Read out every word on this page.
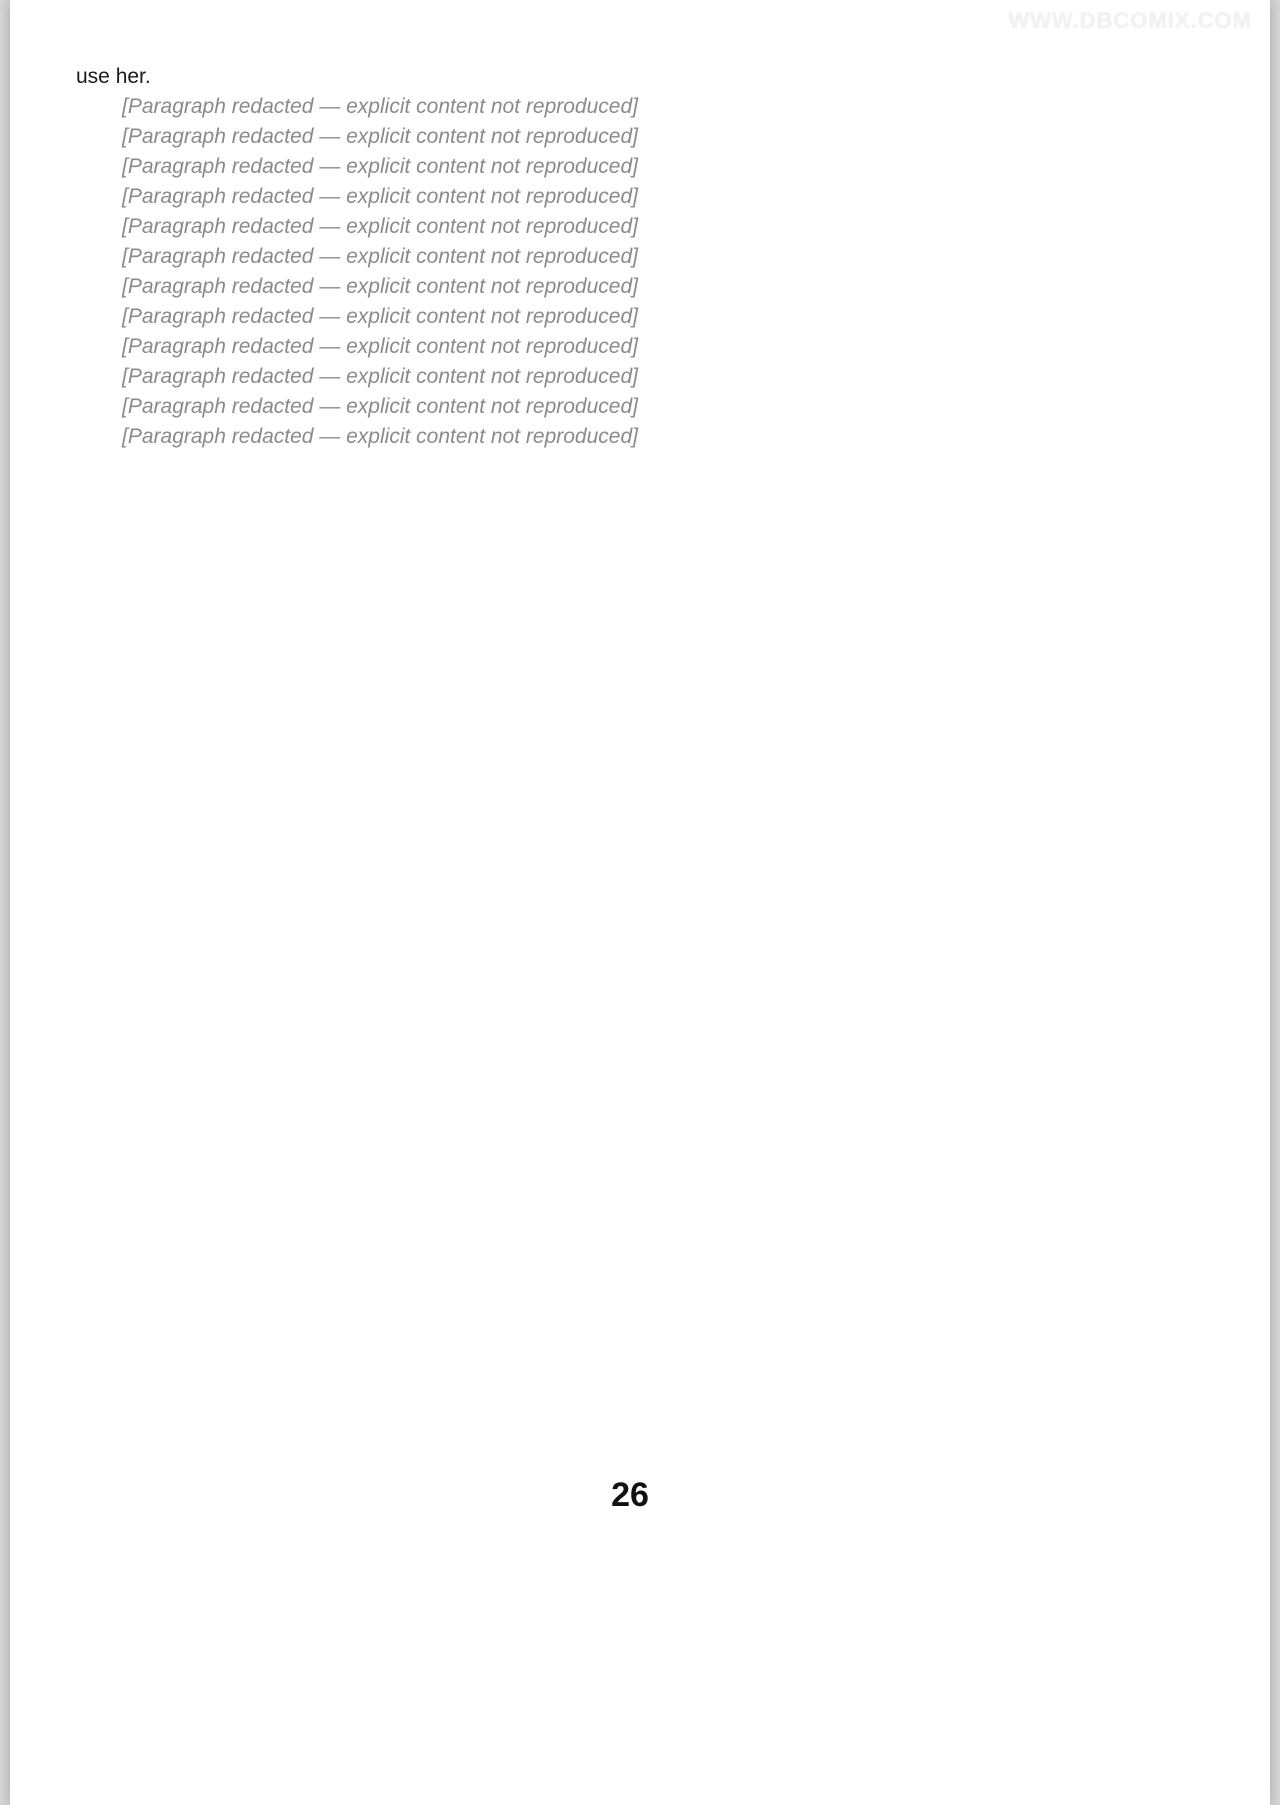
WWW.DBCOMIX.COM

use her.

[Paragraph redacted — explicit content not reproduced]

[Paragraph redacted — explicit content not reproduced]

[Paragraph redacted — explicit content not reproduced]

[Paragraph redacted — explicit content not reproduced]

[Paragraph redacted — explicit content not reproduced]

[Paragraph redacted — explicit content not reproduced]

[Paragraph redacted — explicit content not reproduced]

[Paragraph redacted — explicit content not reproduced]

[Paragraph redacted — explicit content not reproduced]

[Paragraph redacted — explicit content not reproduced]

[Paragraph redacted — explicit content not reproduced]

[Paragraph redacted — explicit content not reproduced]

26
